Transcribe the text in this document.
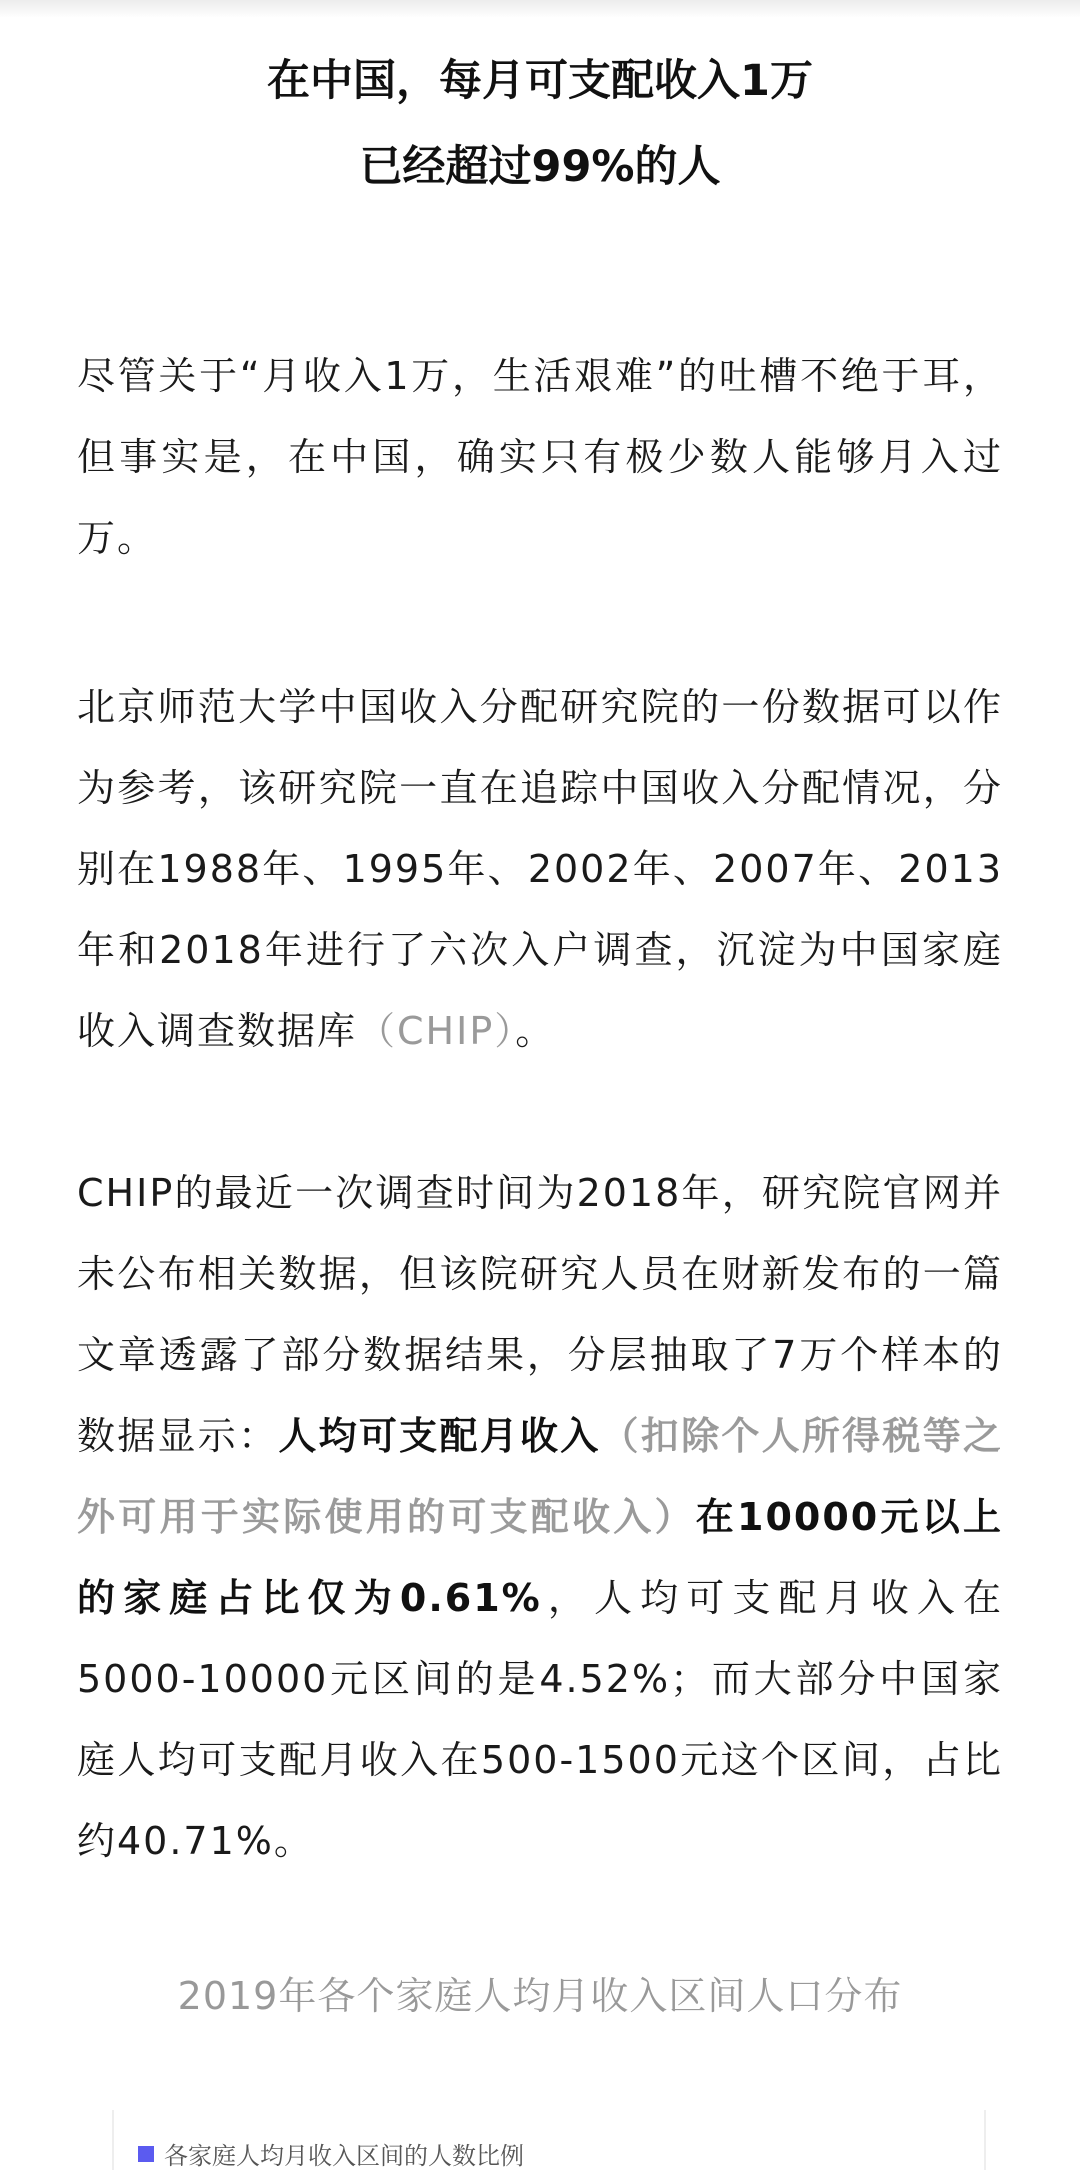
在中国，每月可支配收入1万
已经超过99%的人

尽管关于“月收入1万，生活艰难”的吐槽不绝于耳，但事实是，在中国，确实只有极少数人能够月入过万。

北京师范大学中国收入分配研究院的一份数据可以作为参考，该研究院一直在追踪中国收入分配情况，分别在1988年、1995年、2002年、2007年、2013年和2018年进行了六次入户调查，沉淀为中国家庭收入调查数据库（CHIP）。

CHIP的最近一次调查时间为2018年，研究院官网并未公布相关数据，但该院研究人员在财新发布的一篇文章透露了部分数据结果，分层抽取了7万个样本的数据显示：人均可支配月收入（扣除个人所得税等之外可用于实际使用的可支配收入）在10000元以上的家庭占比仅为0.61%，人均可支配月收入在5000-10000元区间的是4.52%；而大部分中国家庭人均可支配月收入在500-1500元这个区间，占比约40.71%。

2019年各个家庭人均月收入区间人口分布
各家庭人均月收入区间的人数比例
